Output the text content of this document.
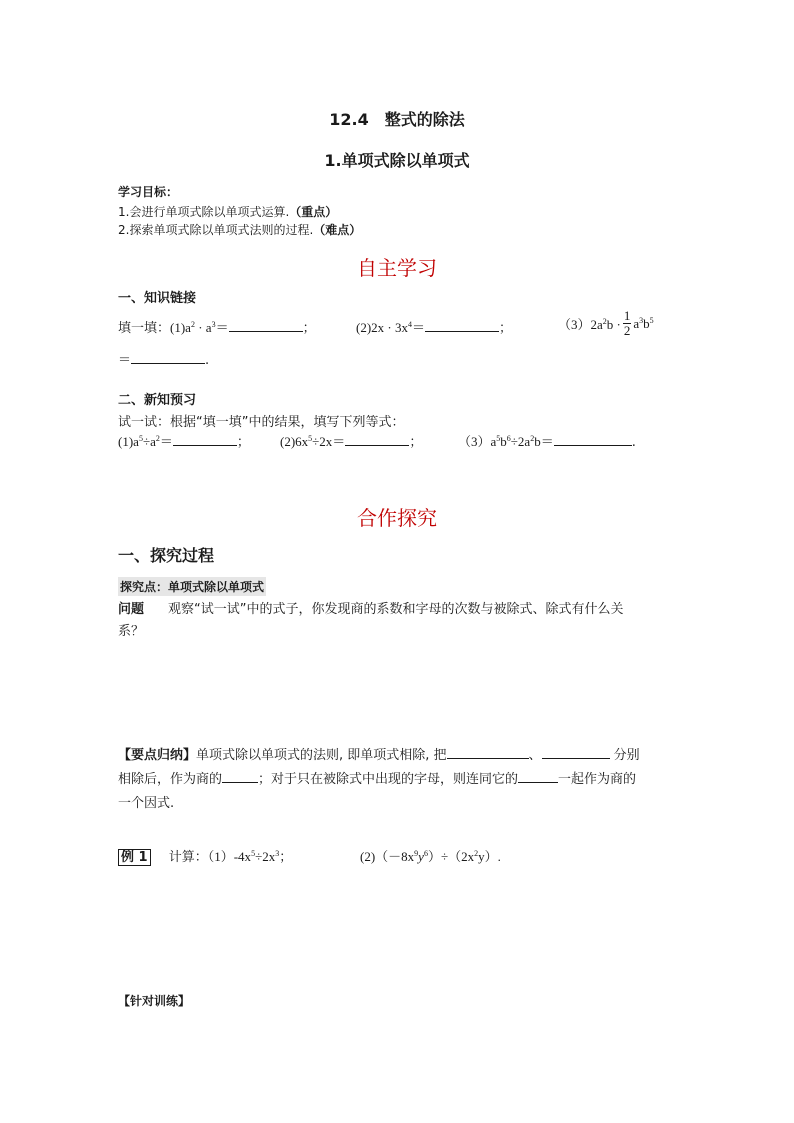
12.4　整式的除法
1.单项式除以单项式
学习目标：
1.会进行单项式除以单项式运算.（重点）
2.探索单项式除以单项式法则的过程.（难点）
自主学习
一、知识链接
填一填：$(1)a^2 \cdot a^3=$	；	$(2)2x \cdot 3x^4=$	；	$(3)2a^2b \cdot \frac{1}{2} a^3b^5$
＝	.
二、新知预习
试一试：根据“填一填”中的结果，填写下列等式：
$(1)a^5\div a^2=$	； $(2)6x^5\div 2x=$	；	$(3)a^5b^6\div 2a^2b=$	.
合作探究
一、探究过程
探究点：单项式除以单项式
问题 观察“试一试”中的式子，你发现商的系数和字母的次数与被除式、除式有什么关
系？
【要点归纳】单项式除以单项式的法则, 即单项式相除, 把	、	分别
相除后，作为商的	；对于只在被除式中出现的字母，则连同它的	一起作为商的
一个因式.
例 1 计算：$(1)-4x^5\div 2x^3$；	$(2)(-8x^9y^6)\div(2x^2y)$.
【针对训练】
